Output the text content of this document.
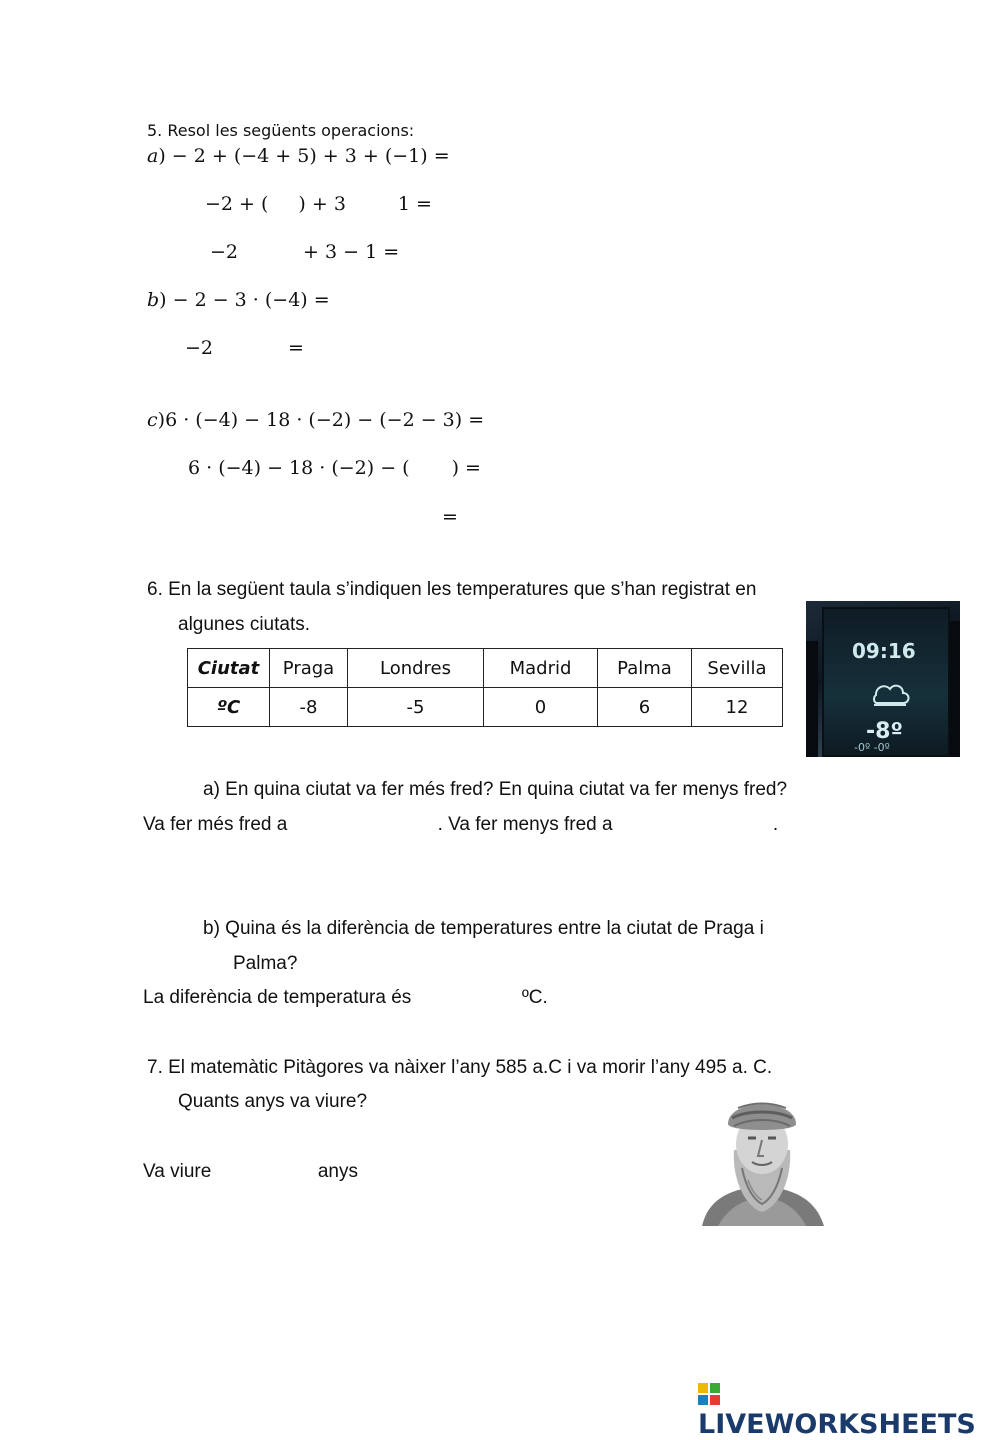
5. Resol les següents operacions:
a) − 2 + (−4 + 5) + 3 + (−1) =
−2 + ( ) + 3	1 =
−2	+ 3 − 1 =
b) − 2 − 3 · (−4) =
−2	=
c)6 · (−4) − 18 · (−2) − (−2 − 3) =
6 · (−4) − 18 · (−2) − ( ) =
=
6. En la següent taula s’indiquen les temperatures que s’han registrat en
algunes ciutats.
Ciutat	Praga	Londres	Madrid	Palma	Sevilla
ºC	-8	-5	0	6	12
09:16
-8º
-0º -0º
a) En quina ciutat va fer més fred? En quina ciutat va fer menys fred?
Va fer més fred a	. Va fer menys fred a	.
b) Quina és la diferència de temperatures entre la ciutat de Praga i
Palma?
La diferència de temperatura és	ºC.
7. El matemàtic Pitàgores va nàixer l’any 585 a.C i va morir l’any 495 a. C.
Quants anys va viure?
Va viure	anys
LIVEWORKSHEETS
